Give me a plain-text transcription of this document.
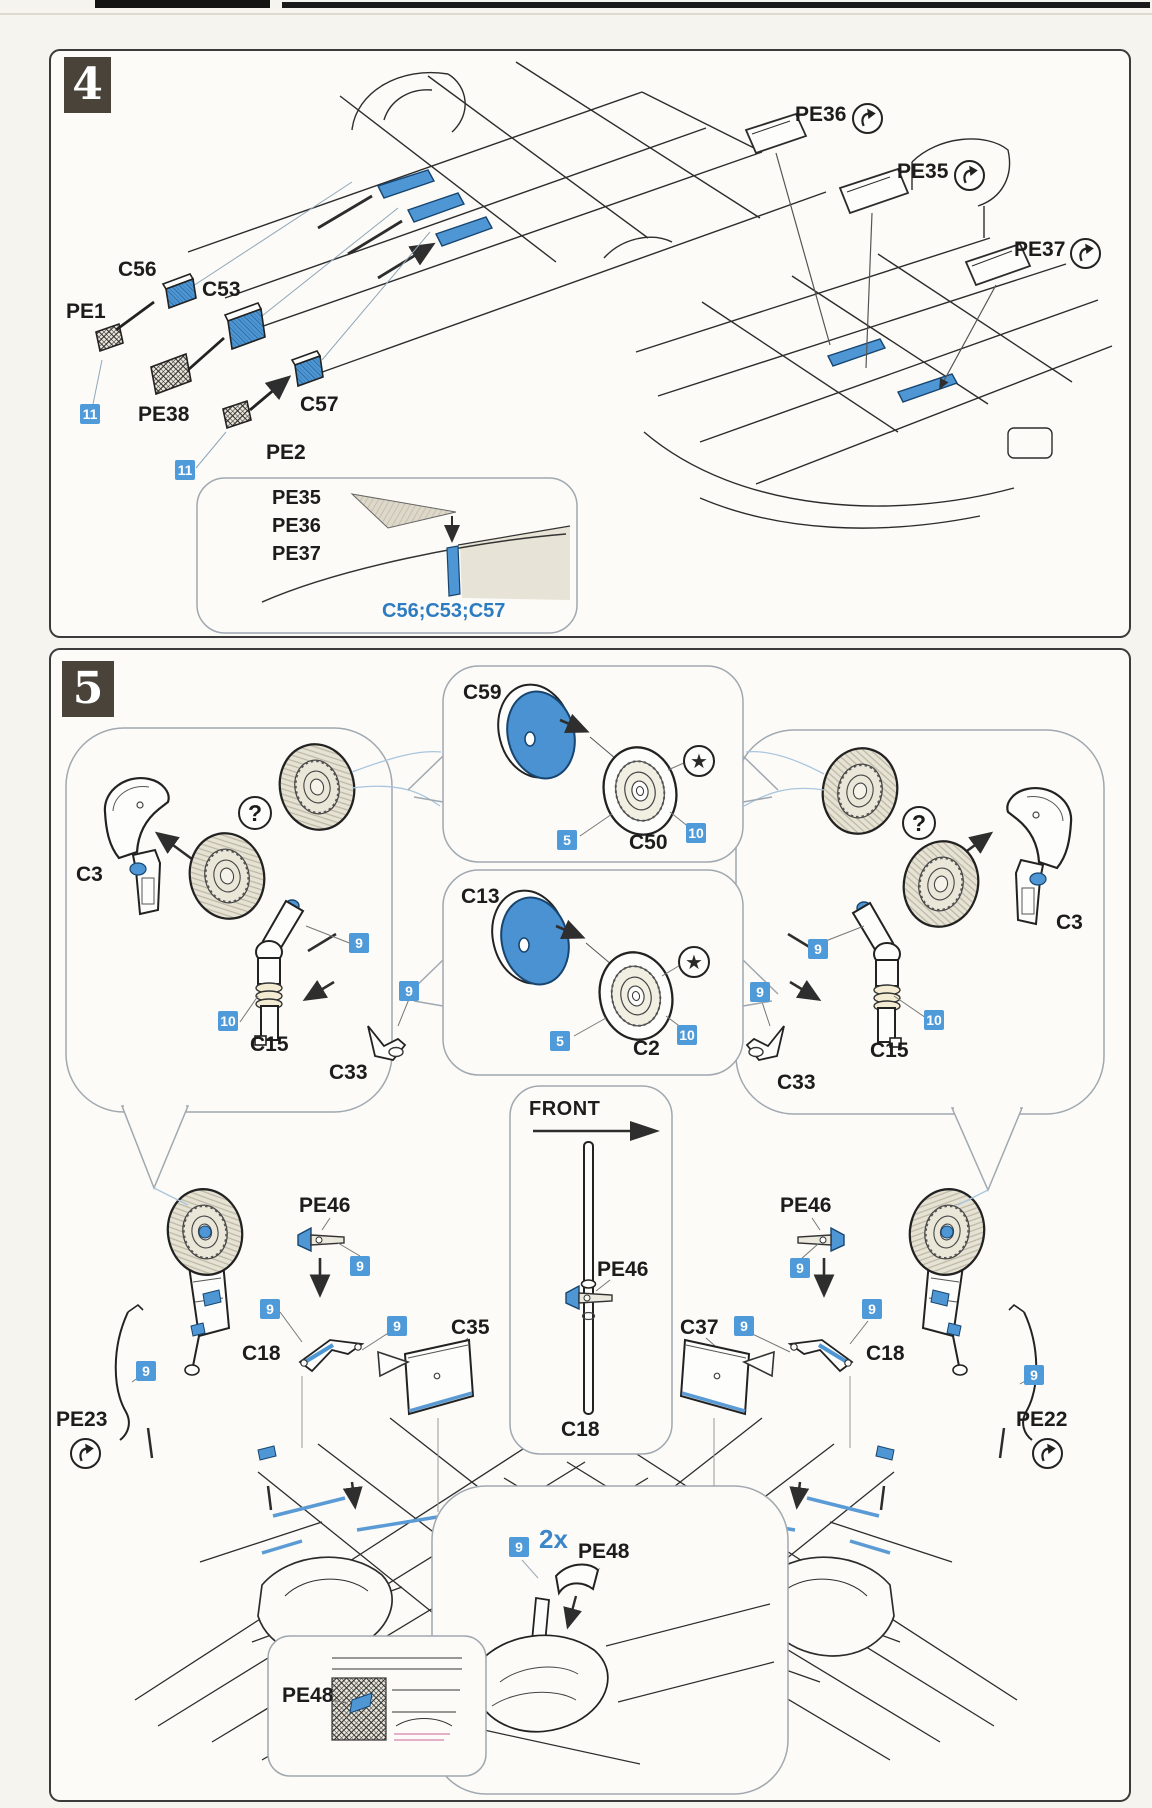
4
5
PE1
C56
C53
PE38	C57
PE2
11
11
PE36
PE35
PE37
PE35
PE36
PE37
C56;C53;C57
C59
C50
5	10
★
C13
C2
5	10
★
C3
?
9
10
C15
C33
9
C3
?
9
9
10
C15
C33
FRONT
PE46
C18
PE46
9
PE46
9
9
C18
9 C35	C37	9
9
C18
PE23
9
PE22
9
9 2x PE48
PE48
